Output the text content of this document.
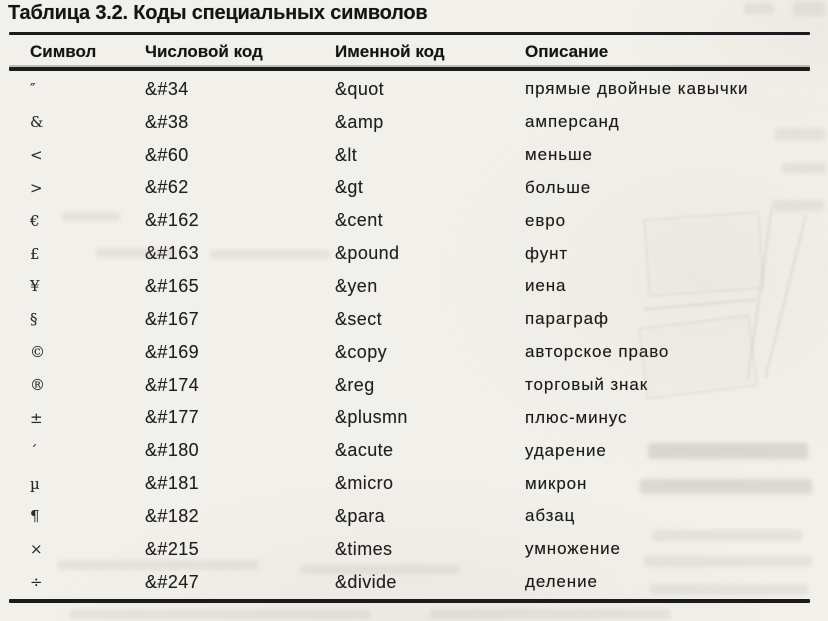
Таблица 3.2. Коды специальных символов
Символ	Числовой код	Именной код	Описание
″	&#34	&quot	прямые двойные кавычки
&	&#38	&amp	амперсанд
<	&#60	&lt	меньше
>	&#62	&gt	больше
€	&#162	&cent	евро
£	&#163	&pound	фунт
¥	&#165	&yen	иена
§	&#167	&sect	параграф
©	&#169	&copy	авторское право
®	&#174	&reg	торговый знак
±	&#177	&plusmn	плюс-минус
´	&#180	&acute	ударение
µ	&#181	&micro	микрон
¶	&#182	&para	абзац
×	&#215	&times	умножение
÷	&#247	&divide	деление
